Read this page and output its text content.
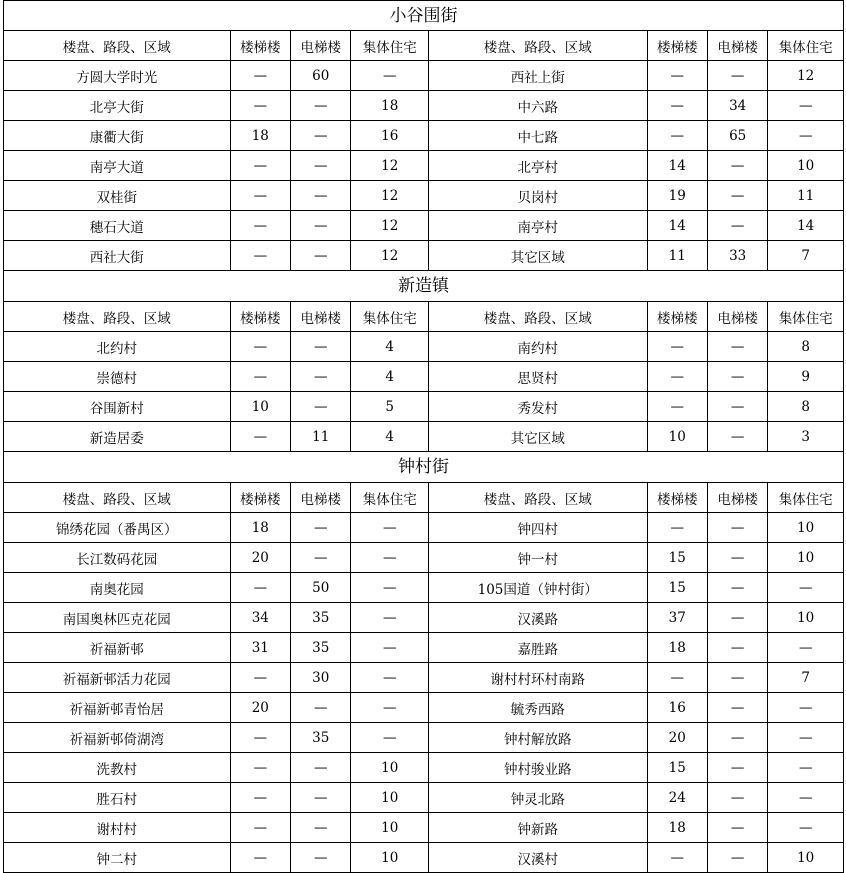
小谷围街
楼盘、路段、区域	楼梯楼	电梯楼	集体住宅	楼盘、路段、区域	楼梯楼	电梯楼	集体住宅
方圆大学时光	—	60	—	西社上街	—	—	12
北亭大街	—	—	18	中六路	—	34	—
康衢大街	18	—	16	中七路	—	65	—
南亭大道	—	—	12	北亭村	14	—	10
双桂街	—	—	12	贝岗村	19	—	11
穗石大道	—	—	12	南亭村	14	—	14
西社大街	—	—	12	其它区域	11	33	7
新造镇
楼盘、路段、区域	楼梯楼	电梯楼	集体住宅	楼盘、路段、区域	楼梯楼	电梯楼	集体住宅
北约村	—	—	4	南约村	—	—	8
崇德村	—	—	4	思贤村	—	—	9
谷围新村	10	—	5	秀发村	—	—	8
新造居委	—	11	4	其它区域	10	—	3
钟村街
楼盘、路段、区域	楼梯楼	电梯楼	集体住宅	楼盘、路段、区域	楼梯楼	电梯楼	集体住宅
锦绣花园（番禺区）	18	—	—	钟四村	—	—	10
长江数码花园	20	—	—	钟一村	15	—	10
南奥花园	—	50	—	105国道（钟村街）	15	—	—
南国奥林匹克花园	34	35	—	汉溪路	37	—	10
祈福新邨	31	35	—	嘉胜路	18	—	—
祈福新邨活力花园	—	30	—	谢村村环村南路	—	—	7
祈福新邨青怡居	20	—	—	毓秀西路	16	—	—
祈福新邨倚湖湾	—	35	—	钟村解放路	20	—	—
洗教村	—	—	10	钟村骏业路	15	—	—
胜石村	—	—	10	钟灵北路	24	—	—
谢村村	—	—	10	钟新路	18	—	—
钟二村	—	—	10	汉溪村	—	—	10
